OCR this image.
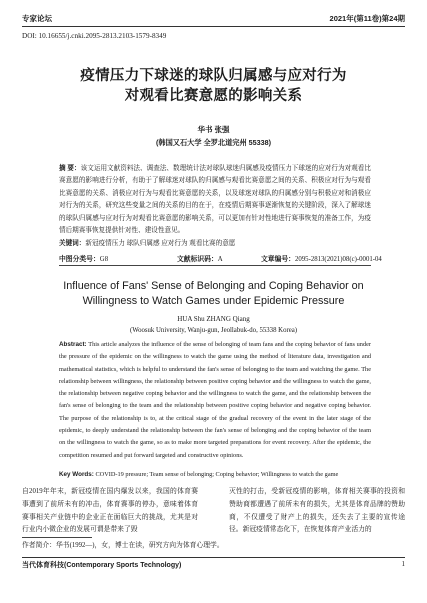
专家论坛	2021年(第11卷)第24期
DOI: 10.16655/j.cnki.2095-2813.2103-1579-8349
疫情压力下球迷的球队归属感与应对行为
对观看比赛意愿的影响关系
华书 张强
(韩国又石大学 全罗北道完州 55338)

摘 要：该文运用文献资料法、调查法、数理统计法对球队球迷归属感及疫情压力下球迷的应对行为对观看比赛意愿的影响进行分析，有助于了解球迷对球队的归属感与观看比赛意愿之间的关系、积极应对行为与观看比赛意愿的关系、消极应对行为与观看比赛意愿的关系，以及球迷对球队的归属感分别与积极应对和消极应对行为的关系，研究这些变量之间的关系的目的在于，在疫情后期赛事逐渐恢复的关键阶段，深入了解球迷的球队归属感与应对行为对观看比赛意愿的影响关系，可以更加有针对性地进行赛事恢复的准备工作，为疫情后期赛事恢复提供针对性、建设性意见。

关键词：新冠疫情压力 球队归属感 应对行为 观看比赛的意愿

中图分类号：G8	文献标识码：A	文章编号：2095-2813(2021)08(c)-0001-04
Influence of Fans' Sense of Belonging and Coping Behavior on
Willingness to Watch Games under Epidemic Pressure
HUA Shu ZHANG Qiang
(Woosuk University, Wanju-gun, Jeollabuk-do, 55338 Korea)

Abstract: This article analyzes the influence of the sense of belonging of team fans and the coping behavior of fans under the pressure of the epidemic on the willingness to watch the game using the method of literature data, investigation and mathematical statistics, which is helpful to understand the fan's sense of belonging to the team and watching the game. The relationship between willingness, the relationship between positive coping behavior and the willingness to watch the game, the relationship between negative coping behavior and the willingness to watch the game, and the relationship between the fan's sense of belonging to the team and the relationship between positive coping behavior and negative coping behavior. The purpose of the relationship is to, at the critical stage of the gradual recovery of the event in the later stage of the epidemic, to deeply understand the relationship between the fan's sense of belonging and the coping behavior of the team on the willingness to watch the game, so as to make more targeted preparations for event recovery. After the epidemic, the competition resumed and put forward targeted and constructive opinions.

Key Words: COVID-19 pressure; Team sense of belonging; Coping behavior; Willingness to watch the game

自2019年年末，新冠疫情在国内爆发以来，我国的体育赛事遭到了前所未有的冲击，体育赛事的停办，意味着体育赛事相关产业链中的企业正在面临巨大的挑战，尤其是对行业内小微企业的发展可谓是带来了毁

灭性的打击，受新冠疫情的影响，体育相关赛事的投资和赞助商都遭遇了前所未有的损失，尤其是体育品牌的赞助商，不仅遭受了财产上的损失，还失去了主要的宣传途径。新冠疫情常态化下，在恢复体育产业活力的

作者简介：华书(1992—)，女，博士在读，研究方向为体育心理学。
当代体育科技(Contemporary Sports Technology)	1
